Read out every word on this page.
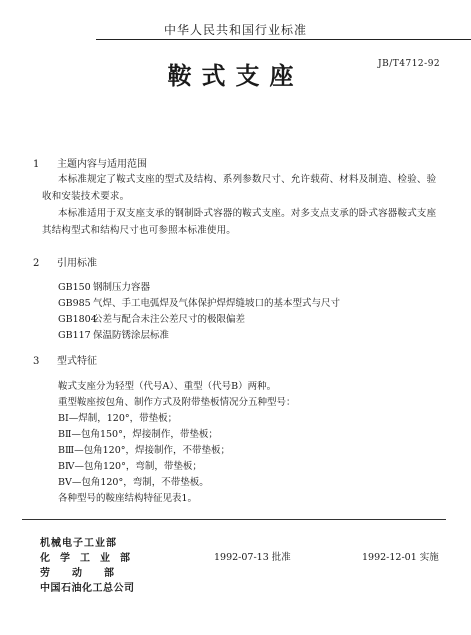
中华人民共和国行业标准
鞍式支座	JB/T4712-92
1 主题内容与适用范围

本标准规定了鞍式支座的型式及结构、系列参数尺寸、允许载荷、材料及制造、检验、验收和安装技术要求。

本标准适用于双支座支承的钢制卧式容器的鞍式支座。对多支点支承的卧式容器鞍式支座其结构型式和结构尺寸也可参照本标准使用。

2 引用标准
GB150 钢制压力容器
GB985 气焊、手工电弧焊及气体保护焊焊缝坡口的基本型式与尺寸
GB1804 公差与配合未注公差尺寸的极限偏差
GB117 保温防锈涂层标准
3 型式特征
鞍式支座分为轻型（代号A）、重型（代号B）两种。
重型鞍座按包角、制作方式及附带垫板情况分五种型号：
BⅠ—焊制，120°，带垫板；
BⅡ—包角150°，焊接制作，带垫板；
BⅢ—包角120°，焊接制作，不带垫板；
BⅣ—包角120°，弯制，带垫板；
BⅤ—包角120°，弯制，不带垫板。
各种型号的鞍座结构特征见表1。
机械电子工业部
化学工业部
劳动部
中国石油化工总公司
1992-07-13 批准	1992-12-01 实施
